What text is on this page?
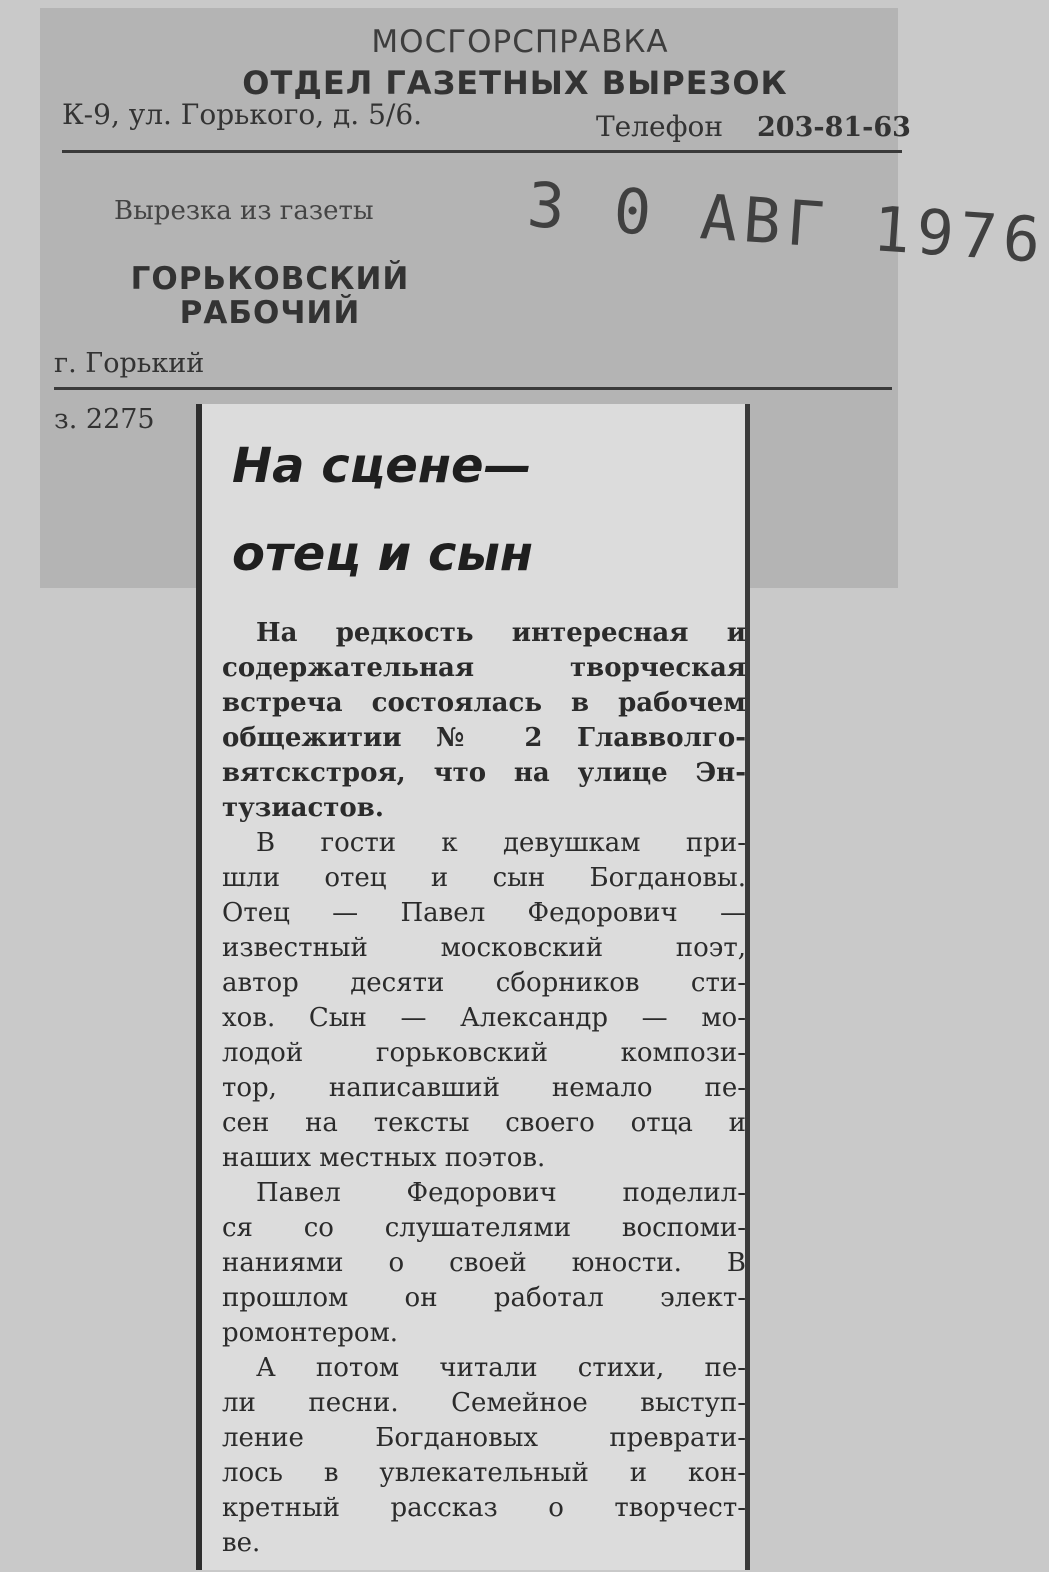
МОСГОРСПРАВКА
ОТДЕЛ ГАЗЕТНЫХ ВЫРЕЗОК
К-9, ул. Горького, д. 5/6.	Телефон 203-81-63
Вырезка из газеты 3 0 АВГ 1976
ГОРЬКОВСКИЙ
РАБОЧИЙ
г. Горький
з. 2275
На сцене—
отец и сын
На редкость интересная и
содержательная творческая
встреча состоялась в рабочем
общежитии № 2 Главволго-
вятскстроя, что на улице Эн-
тузиастов.
В гости к девушкам при-
шли отец и сын Богдановы.
Отец — Павел Федорович —
известный московский поэт,
автор десяти сборников сти-
хов. Сын — Александр — мо-
лодой горьковский компози-
тор, написавший немало пе-
сен на тексты своего отца и
наших местных поэтов.
Павел Федорович поделил-
ся со слушателями воспоми-
наниями о своей юности. В
прошлом он работал элект-
ромонтером.
А потом читали стихи, пе-
ли песни. Семейное выступ-
ление Богдановых преврати-
лось в увлекательный и кон-
кретный рассказ о творчест-
ве.
